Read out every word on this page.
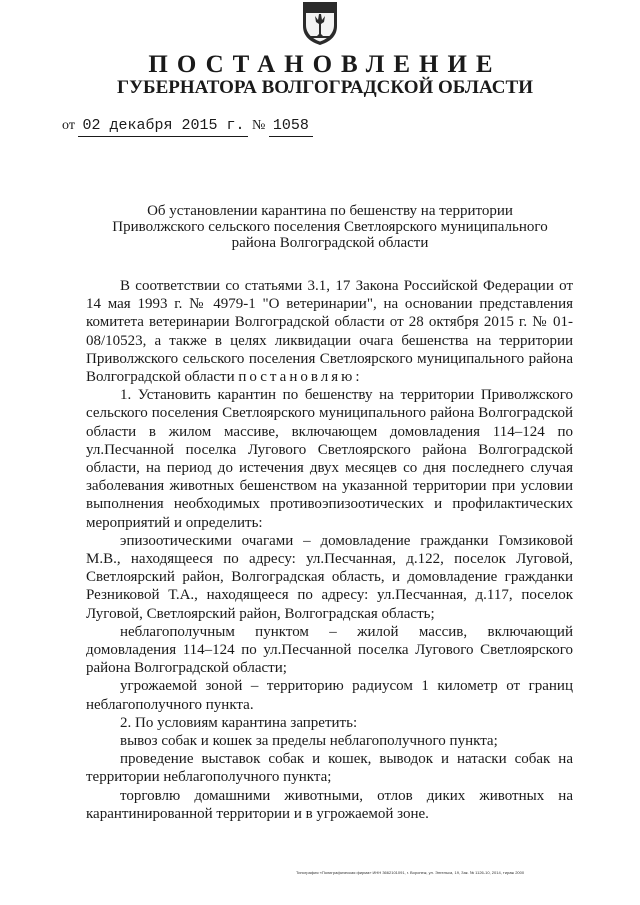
ПОСТАНОВЛЕНИЕ
ГУБЕРНАТОРА ВОЛГОГРАДСКОЙ ОБЛАСТИ
от 02 декабря 2015 г. № 1058
Об установлении карантина по бешенству на территории Приволжского сельского поселения Светлоярского муниципального района Волгоградской области

В соответствии со статьями 3.1, 17 Закона Российской Федерации от 14 мая 1993 г. № 4979-1 "О ветеринарии", на основании представления комитета ветеринарии Волгоградской области от 28 октября 2015 г. № 01-08/10523, а также в целях ликвидации очага бешенства на территории Приволжского сельского поселения Светлоярского муниципального района Волгоградской области постановляю:

1. Установить карантин по бешенству на территории Приволжского сельского поселения Светлоярского муниципального района Волгоградской области в жилом массиве, включающем домовладения 114–124 по ул.Песчанной поселка Лугового Светлоярского района Волгоградской области, на период до истечения двух месяцев со дня последнего случая заболевания животных бешенством на указанной территории при условии выполнения необходимых противоэпизоотических и профилактических мероприятий и определить:

эпизоотическими очагами – домовладение гражданки Гомзиковой М.В., находящееся по адресу: ул.Песчанная, д.122, поселок Луговой, Светлоярский район, Волгоградская область, и домовладение гражданки Резниковой Т.А., находящееся по адресу: ул.Песчанная, д.117, поселок Луговой, Светлоярский район, Волгоградская область;

неблагополучным пунктом – жилой массив, включающий домовладения 114–124 по ул.Песчанной поселка Лугового Светлоярского района Волгоградской области;

угрожаемой зоной – территорию радиусом 1 километр от границ неблагополучного пункта.

2. По условиям карантина запретить:

вывоз собак и кошек за пределы неблагополучного пункта;

проведение выставок собак и кошек, выводок и натаски собак на территории неблагополучного пункта;

торговлю домашними животными, отлов диких животных на карантинированной территории и в угрожаемой зоне.

Типография «Полиграфическая фирма» ИНН 3662101091, г. Воронеж, ул. Энгельса, 19, Зак. № 1126-10, 2014, тираж 2000
